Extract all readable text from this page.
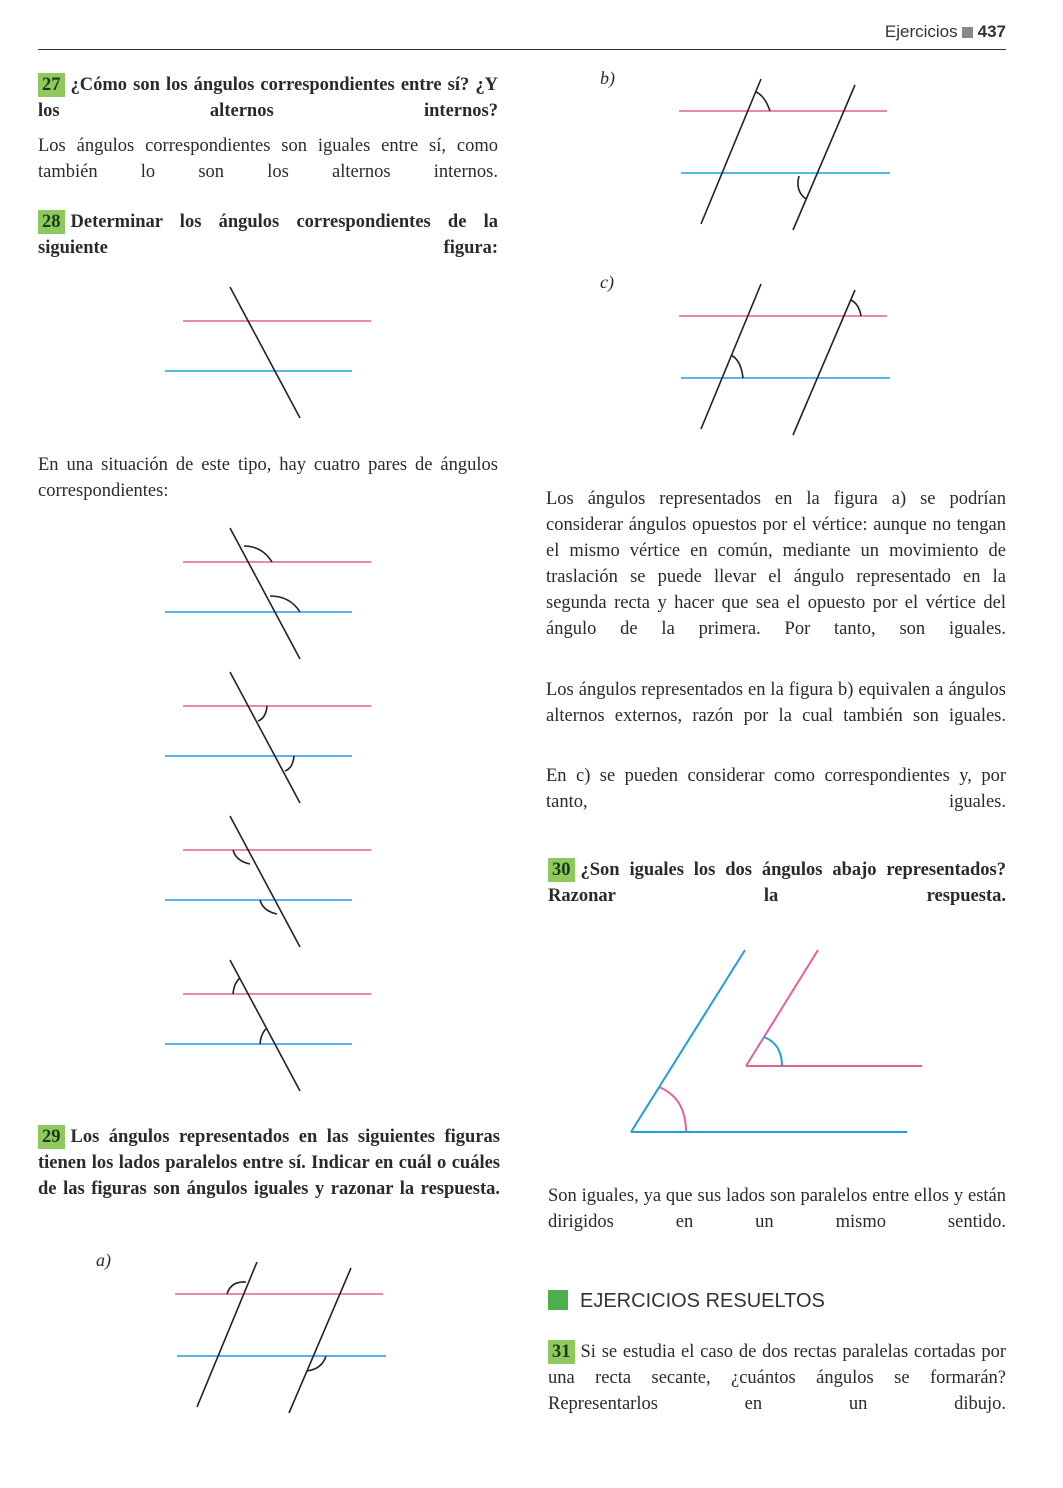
Ejercicios 437
27 ¿Cómo son los ángulos correspondientes entre sí? ¿Y los alternos internos?
Los ángulos correspondientes son iguales entre sí, como también lo son los alternos internos.
28 Determinar los ángulos correspondientes de la siguiente figura:
En una situación de este tipo, hay cuatro pares de ángulos correspondientes:
29 Los ángulos representados en las siguientes figuras tienen los lados paralelos entre sí. Indicar en cuál o cuáles de las figuras son ángulos iguales y razonar la respuesta.
a)
b)
c)
Los ángulos representados en la figura a) se podrían considerar ángulos opuestos por el vértice: aunque no tengan el mismo vértice en común, mediante un movimiento de traslación se puede llevar el ángulo representado en la segunda recta y hacer que sea el opuesto por el vértice del ángulo de la primera. Por tanto, son iguales.
Los ángulos representados en la figura b) equivalen a ángulos alternos externos, razón por la cual también son iguales.
En c) se pueden considerar como correspondientes y, por tanto, iguales.
30 ¿Son iguales los dos ángulos abajo representados? Razonar la respuesta.
Son iguales, ya que sus lados son paralelos entre ellos y están dirigidos en un mismo sentido.
EJERCICIOS RESUELTOS
31 Si se estudia el caso de dos rectas paralelas cortadas por una recta secante, ¿cuántos ángulos se formarán? Representarlos en un dibujo.
